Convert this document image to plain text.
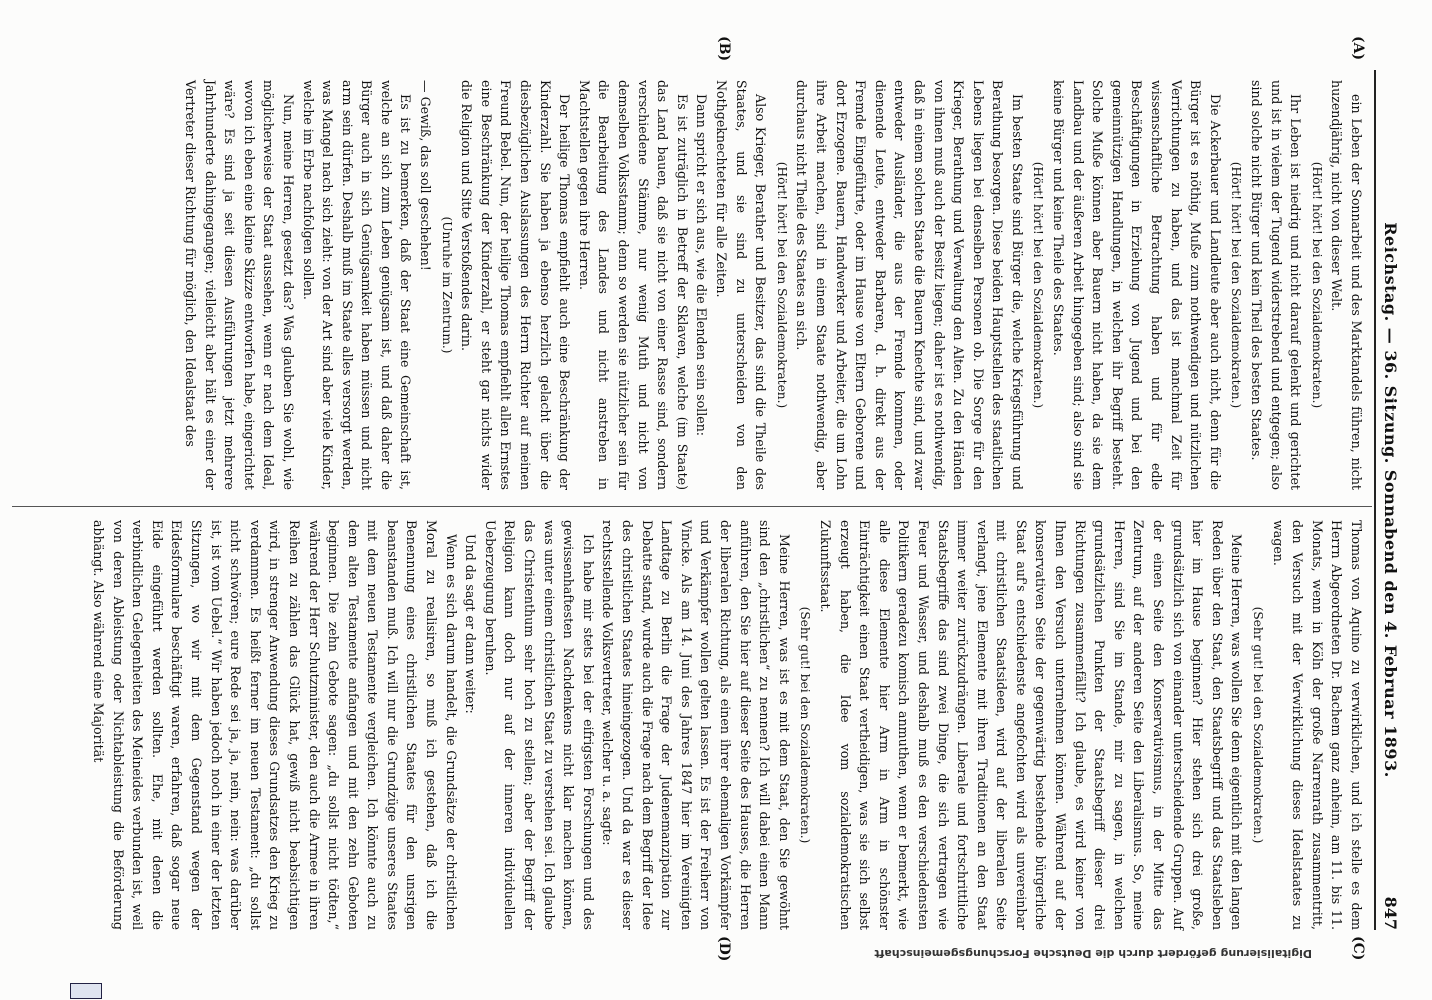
Reichstag. — 36. Sitzung. Sonnabend den 4. Februar 1893.
847
(A)
(B)
(C)
(D)

ein Leben der Sonnarbeit und des Marktandels führen, nicht huzendjährig, nicht von dieser Welt.

(Hört! hört! bei den Sozialdemokraten.)

Ihr Leben ist niedrig und nicht darauf gelenkt und gerichtet und ist in vielem der Tugend widerstrebend und entgegen; also sind solche nicht Bürger und kein Theil des besten Staates.

(Hört! hört! bei den Sozialdemokraten.)

Die Ackerbauer und Landleute aber auch nicht, denn für die Bürger ist es nöthig, Muße zum nothwendigen und nützlichen Verrichtungen zu haben, und das ist manchmal Zeit für wissenschaftliche Betrachtung haben und für edle Beschäftigungen in Erziehung von Jugend und bei den gemeinnützigen Handlungen, in welchen ihr Begriff besteht. Solche Muße können aber Bauern nicht haben, da sie dem Landbau und der äußeren Arbeit hingegeben sind; also sind sie keine Bürger und keine Theile des Staates.

(Hört! hört! bei den Sozialdemokraten.)

Im besten Staate sind Bürger die, welche Kriegsführung und Berathung besorgen. Diese beiden Hauptstellen des staatlichen Lebens liegen bei denselben Personen ob. Die Sorge für den Krieger, Berathung und Verwaltung den Alten. Zu den Händen von ihnen muß auch der Besitz liegen; daher ist es nothwendig, daß in einem solchen Staate die Bauern Knechte sind, und zwar entweder Ausländer, die aus der Fremde kommen, oder dienende Leute, entweder Barbaren, d. h. direkt aus der Fremde Eingeführte, oder im Hause von Eltern Geborene und dort Erzogene. Bauern, Handwerker und Arbeiter, die um Lohn ihre Arbeit machen, sind in einem Staate nothwendig, aber durchaus nicht Theile des Staates an sich.

(Hört! hört! bei den Sozialdemokraten.)

Also Krieger, Berather und Besitzer, das sind die Theile des Staates, und sie sind zu unterscheiden von den Nothgeknechteten für alle Zeiten.

Dann spricht er sich aus, wie die Elenden sein sollen:

Es ist zuträglich in Betreff der Sklaven, welche (im Staate) das Land bauen, daß sie nicht von einer Rasse sind, sondern verschiedene Stämme, nur wenig Muth und nicht von demselben Volksstamm; denn so werden sie nützlicher sein für die Bearbeitung des Landes und nicht anstreben in Machtstellen gegen ihre Herren.

Der heilige Thomas empfiehlt auch eine Beschränkung der Kinderzahl. Sie haben ja ebenso herzlich gelacht über die diesbezüglichen Auslassungen des Herrn Richter auf meinen Freund Bebel. Nun, der heilige Thomas empfiehlt allen Ernstes eine Beschränkung der Kinderzahl, er steht gar nichts wider die Religion und Sitte Verstoßendes darin.

(Unruhe im Zentrum.)

— Gewiß, das soll geschehen!

Es ist zu bemerken, daß der Staat eine Gemeinschaft ist, welche an sich zum Leben genügsam ist, und daß daher die Bürger auch in sich Genügsamkeit haben müssen und nicht arm sein dürfen. Deshalb muß im Staate alles versorgt werden, was Mangel nach sich zieht: von der Art sind aber viele Kinder, welche im Erbe nachfolgen sollen.

Nun, meine Herren, gesetzt das? Was glauben Sie wohl, wie möglicherweise der Staat aussehen, wenn er nach dem Ideal, wovon ich eben eine kleine Skizze entworfen habe, eingerichtet wäre? Es sind ja seit diesen Ausführungen jetzt mehrere Jahrhunderte dahingegangen; vielleicht aber hält es einer der Vertreter dieser Richtung für möglich, den Idealstaat des

Thomas von Aquino zu verwirklichen, und ich stelle es dem Herrn Abgeordneten Dr. Bachem ganz anheim, am 11. bis 11. Monats, wenn in Köln der große Narrenrath zusammentritt, den Versuch mit der Verwirklichung dieses Idealstaates zu wagen.

(Sehr gut! bei den Sozialdemokraten.)

Meine Herren, was wollen Sie denn eigentlich mit den langen Reden über den Staat, den Staatsbegriff und das Staatsleben hier im Hause beginnen? Hier stehen sich drei große, grundsätzlich sich von einander unterscheidende Gruppen. Auf der einen Seite den Konservativismus, in der Mitte das Zentrum, auf der anderen Seite den Liberalismus. So, meine Herren, sind Sie im Stande, mir zu sagen, in welchen grundsätzlichen Punkten der Staatsbegriff dieser drei Richtungen zusammenfällt? Ich glaube, es wird keiner von Ihnen den Versuch unternehmen können. Während auf der konservativen Seite der gegenwärtig bestehende bürgerliche Staat auf's entschiedenste angefochten wird als unvereinbar mit christlichen Staatsideen, wird auf der liberalen Seite verlangt, jene Elemente mit ihren Traditionen an den Staat immer weiter zurückzudrängen. Liberale und fortschrittliche Staatsbegriffe das sind zwei Dinge, die sich vertragen wie Feuer und Wasser, und deshalb muß es den verschiedensten Politikern geradezu komisch anmuthen, wenn er bemerkt, wie alle diese Elemente hier Arm in Arm in schönster Einträchtigkeit einen Staat vertheidigen, was sie sich selbst erzeugt haben, die Idee vom sozialdemokratischen Zukunftsstaat.

(Sehr gut! bei den Sozialdemokraten.)

Meine Herren, was ist es mit dem Staat, den Sie gewöhnt sind den „christlichen“ zu nennen? Ich will dabei einen Mann anführen, den Sie hier auf dieser Seite des Hauses, die Herren der liberalen Richtung, als einen ihrer ehemaligen Vorkämpfer und Verkämpfer wollen gelten lassen. Es ist der Freiherr von Vincke. Als am 14. Juni des Jahres 1847 hier im Vereinigten Landtage zu Berlin die Frage der Judenemanzipation zur Debatte stand, wurde auch die Frage nach dem Begriff der Idee des christlichen Staates hineingezogen. Und da war es dieser rechtsstellende Volksvertreter, welcher u. a. sagte:

Ich habe mir stets bei der eifrigsten Forschungen und des gewissenhaftesten Nachdenkens nicht klar machen können, was unter einem christlichen Staat zu verstehen sei. Ich glaube das Christenthum sehr hoch zu stellen; aber der Begriff der Religion kann doch nur auf der inneren individuellen Ueberzeugung beruhen.

Und da sagt er dann weiter:

Wenn es sich darum handelt, die Grundsätze der christlichen Moral zu realisiren, so muß ich gestehen, daß ich die Benennung eines christlichen Staates für den unsrigen beanstanden muß. Ich will nur die Grundzüge unseres Staates mit dem neuen Testamente vergleichen. Ich könnte auch zu dem alten Testamente anfangen und mit den zehn Geboten beginnen. Die zehn Gebote sagen: „du sollst nicht tödten,“ während der Herr Schutzminister, den auch die Armee in ihren Reihen zu zählen das Glück hat, gewiß nicht beabsichtigen wird, in strenger Anwendung dieses Grundsatzes den Krieg zu verdammen. Es heißt ferner im neuen Testament: „du sollst nicht schwören; eure Rede sei ja, ja, nein, nein: was darüber ist, ist vom Uebel.“ Wir haben jedoch noch in einer der letzten Sitzungen, wo wir mit dem Gegenstand wegen der Eidesformulare beschäftigt waren, erfahren, daß sogar neue Eide eingeführt werden sollten. Ehe, mit denen die verbindlichen Gelegenheiten des Meineides verbunden ist, weil von deren Ableistung oder Nichtableistung die Beförderung abhängt. Also während eine Majorität

Digitalisierung gefördert durch die Deutsche Forschungsgemeinschaft
